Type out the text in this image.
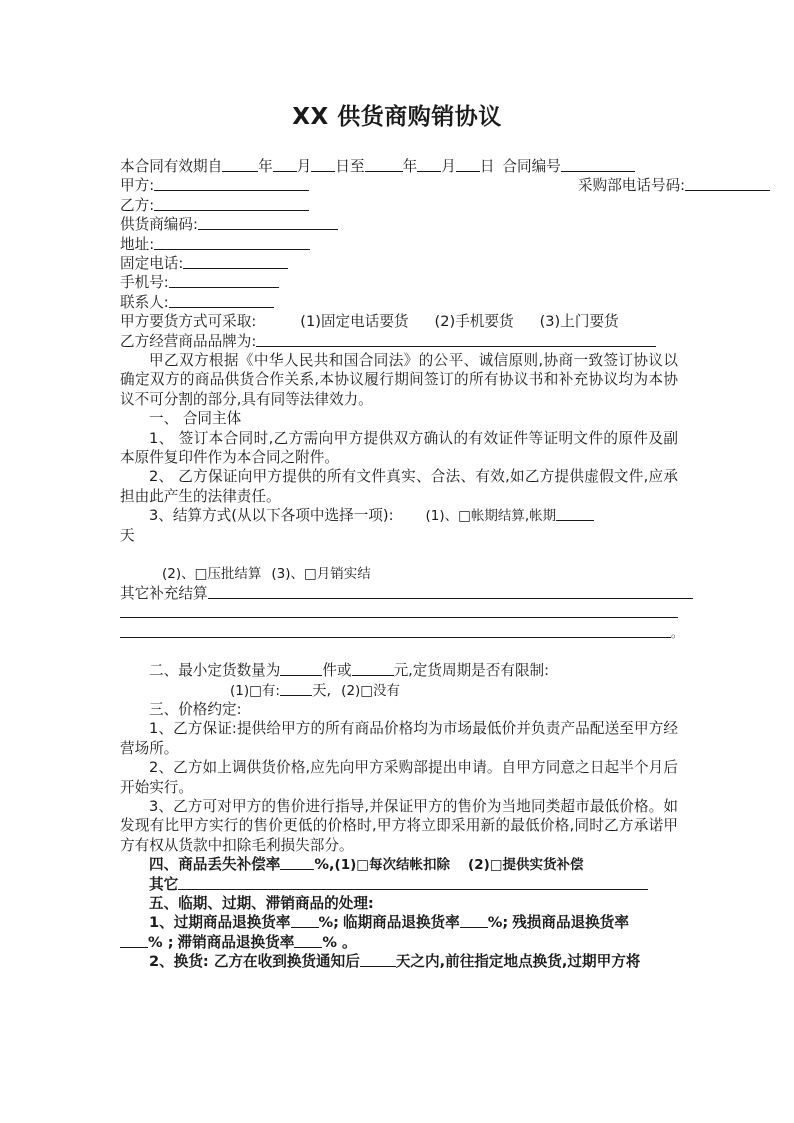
XX 供货商购销协议
本合同有效期自 年 月 日至	年 月 日 合同编号
甲方:	采购部电话号码:
乙方:
供货商编码:
地址:
固定电话:
手机号:
联系人:
甲方要货方式可采取:	(1)固定电话要货 (2)手机要货 (3)上门要货
乙方经营商品品牌为:
甲乙双方根据《中华人民共和国合同法》的公平、诚信原则,协商一致签订协议以确定双方的商品供货合作关系,本协议履行期间签订的所有协议书和补充协议均为本协议不可分割的部分,具有同等法律效力。
一、 合同主体
1、 签订本合同时,乙方需向甲方提供双方确认的有效证件等证明文件的原件及副本原件复印件作为本合同之附件。
2、 乙方保证向甲方提供的所有文件真实、合法、有效,如乙方提供虚假文件,应承 担由此产生的法律责任。
3、结算方式(从以下各项中选择一项): (1)、□帐期结算,帐期
天
(2)、□压批结算 (3)、□月销实结
其它补充结算
。
二、最小定货数量为	件或	元,定货周期是否有限制:
(1)□有: 天, (2)□没有
三、价格约定:
1、乙方保证:提供给甲方的所有商品价格均为市场最低价并负责产品配送至甲方经营场所。
2、乙方如上调供货价格,应先向甲方采购部提出申请。自甲方同意之日起半个月后开始实行。
3、乙方可对甲方的售价进行指导,并保证甲方的售价为当地同类超市最低价格。如发现有比甲方实行的售价更低的价格时,甲方将立即采用新的最低价格,同时乙方承诺甲方有权从货款中扣除毛利损失部分。
四、商品丢失补偿率 %,(1)□每次结帐扣除 (2)□提供实货补偿
其它
五、临期、过期、滞销商品的处理:
1、过期商品退换货率 %; 临期商品退换货率 %; 残损商品退换货率
% ; 滞销商品退换货率 % 。
2、换货: 乙方在收到换货通知后 天之内,前往指定地点换货,过期甲方将
